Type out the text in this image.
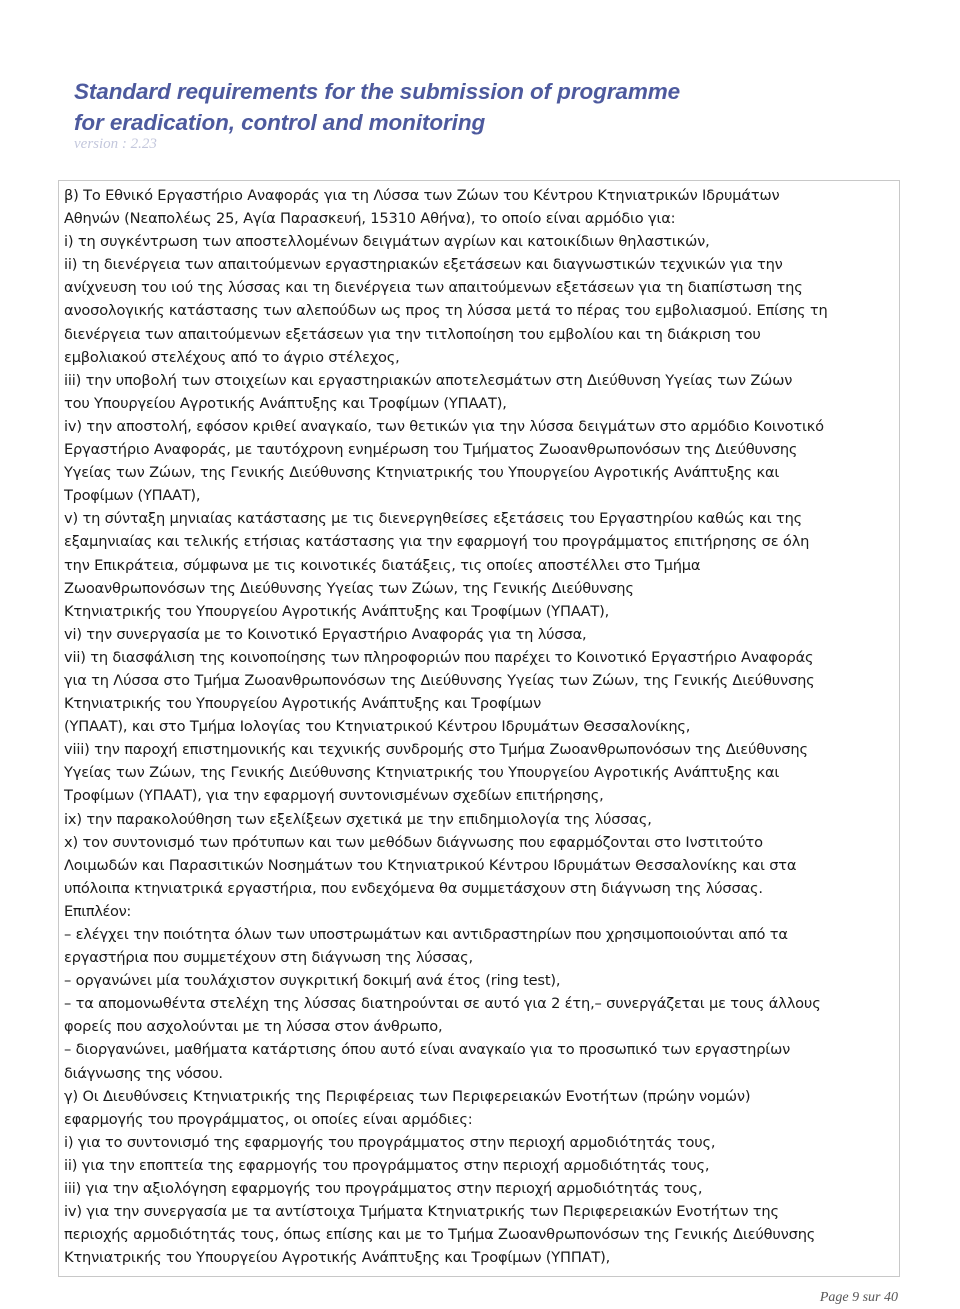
Standard requirements for the submission of programme
for eradication, control and monitoring
version : 2.23
β) Το Εθνικό Εργαστήριο Αναφοράς για τη Λύσσα των Ζώων του Κέντρου Κτηνιατρικών Ιδρυμάτων
Αθηνών (Νεαπολέως 25, Αγία Παρασκευή, 15310 Αθήνα), το οποίο είναι αρμόδιο για:
i) τη συγκέντρωση των αποστελλομένων δειγμάτων αγρίων και κατοικίδιων θηλαστικών,
ii) τη διενέργεια των απαιτούμενων εργαστηριακών εξετάσεων και διαγνωστικών τεχνικών για την
ανίχνευση του ιού της λύσσας και τη διενέργεια των απαιτούμενων εξετάσεων για τη διαπίστωση της
ανοσολογικής κατάστασης των αλεπούδων ως προς τη λύσσα μετά το πέρας του εμβολιασμού. Επίσης τη
διενέργεια των απαιτούμενων εξετάσεων για την τιτλοποίηση του εμβολίου και τη διάκριση του
εμβολιακού στελέχους από το άγριο στέλεχος,
iii) την υποβολή των στοιχείων και εργαστηριακών αποτελεσμάτων στη Διεύθυνση Υγείας των Ζώων
του Υπουργείου Αγροτικής Ανάπτυξης και Τροφίμων (ΥΠΑΑΤ),
iv) την αποστολή, εφόσον κριθεί αναγκαίο, των θετικών για την λύσσα δειγμάτων στο αρμόδιο Κοινοτικό
Εργαστήριο Αναφοράς, με ταυτόχρονη ενημέρωση του Τμήματος Ζωοανθρωπονόσων της Διεύθυνσης
Υγείας των Ζώων, της Γενικής Διεύθυνσης Κτηνιατρικής του Υπουργείου Αγροτικής Ανάπτυξης και
Τροφίμων (ΥΠΑΑΤ),
v) τη σύνταξη μηνιαίας κατάστασης με τις διενεργηθείσες εξετάσεις του Εργαστηρίου καθώς και της
εξαμηνιαίας και τελικής ετήσιας κατάστασης για την εφαρμογή του προγράμματος επιτήρησης σε όλη
την Επικράτεια, σύμφωνα με τις κοινοτικές διατάξεις, τις οποίες αποστέλλει στο Τμήμα
Ζωοανθρωπονόσων της Διεύθυνσης Υγείας των Ζώων, της Γενικής Διεύθυνσης
Κτηνιατρικής του Υπουργείου Αγροτικής Ανάπτυξης και Τροφίμων (ΥΠΑΑΤ),
vi) την συνεργασία με το Κοινοτικό Εργαστήριο Αναφοράς για τη λύσσα,
vii) τη διασφάλιση της κοινοποίησης των πληροφοριών που παρέχει το Κοινοτικό Εργαστήριο Αναφοράς
για τη Λύσσα στο Τμήμα Ζωοανθρωπονόσων της Διεύθυνσης Υγείας των Ζώων, της Γενικής Διεύθυνσης
Κτηνιατρικής του Υπουργείου Αγροτικής Ανάπτυξης και Τροφίμων
(ΥΠΑΑΤ), και στο Τμήμα Ιολογίας του Κτηνιατρικού Κέντρου Ιδρυμάτων Θεσσαλονίκης,
viii) την παροχή επιστημονικής και τεχνικής συνδρομής στο Τμήμα Ζωοανθρωπονόσων της Διεύθυνσης
Υγείας των Ζώων, της Γενικής Διεύθυνσης Κτηνιατρικής του Υπουργείου Αγροτικής Ανάπτυξης και
Τροφίμων (ΥΠΑΑΤ), για την εφαρμογή συντονισμένων σχεδίων επιτήρησης,
ix) την παρακολούθηση των εξελίξεων σχετικά με την επιδημιολογία της λύσσας,
x) τον συντονισμό των πρότυπων και των μεθόδων διάγνωσης που εφαρμόζονται στο Ινστιτούτο
Λοιμωδών και Παρασιτικών Νοσημάτων του Κτηνιατρικού Κέντρου Ιδρυμάτων Θεσσαλονίκης και στα
υπόλοιπα κτηνιατρικά εργαστήρια, που ενδεχόμενα θα συμμετάσχουν στη διάγνωση της λύσσας.
Επιπλέον:
– ελέγχει την ποιότητα όλων των υποστρωμάτων και αντιδραστηρίων που χρησιμοποιούνται από τα
εργαστήρια που συμμετέχουν στη διάγνωση της λύσσας,
– οργανώνει μία τουλάχιστον συγκριτική δοκιμή ανά έτος (ring test),
– τα απομονωθέντα στελέχη της λύσσας διατηρούνται σε αυτό για 2 έτη,– συνεργάζεται με τους άλλους
φορείς που ασχολούνται με τη λύσσα στον άνθρωπο,
– διοργανώνει, μαθήματα κατάρτισης όπου αυτό είναι αναγκαίο για το προσωπικό των εργαστηρίων
διάγνωσης της νόσου.
γ) Οι Διευθύνσεις Κτηνιατρικής της Περιφέρειας των Περιφερειακών Ενοτήτων (πρώην νομών)
εφαρμογής του προγράμματος, οι οποίες είναι αρμόδιες:
i) για το συντονισμό της εφαρμογής του προγράμματος στην περιοχή αρμοδιότητάς τους,
ii) για την εποπτεία της εφαρμογής του προγράμματος στην περιοχή αρμοδιότητάς τους,
iii) για την αξιολόγηση εφαρμογής του προγράμματος στην περιοχή αρμοδιότητάς τους,
iv) για την συνεργασία με τα αντίστοιχα Τμήματα Κτηνιατρικής των Περιφερειακών Ενοτήτων της
περιοχής αρμοδιότητάς τους, όπως επίσης και με το Τμήμα Ζωοανθρωπονόσων της Γενικής Διεύθυνσης
Κτηνιατρικής του Υπουργείου Αγροτικής Ανάπτυξης και Τροφίμων (ΥΠΠΑΤ),
Page 9 sur 40
